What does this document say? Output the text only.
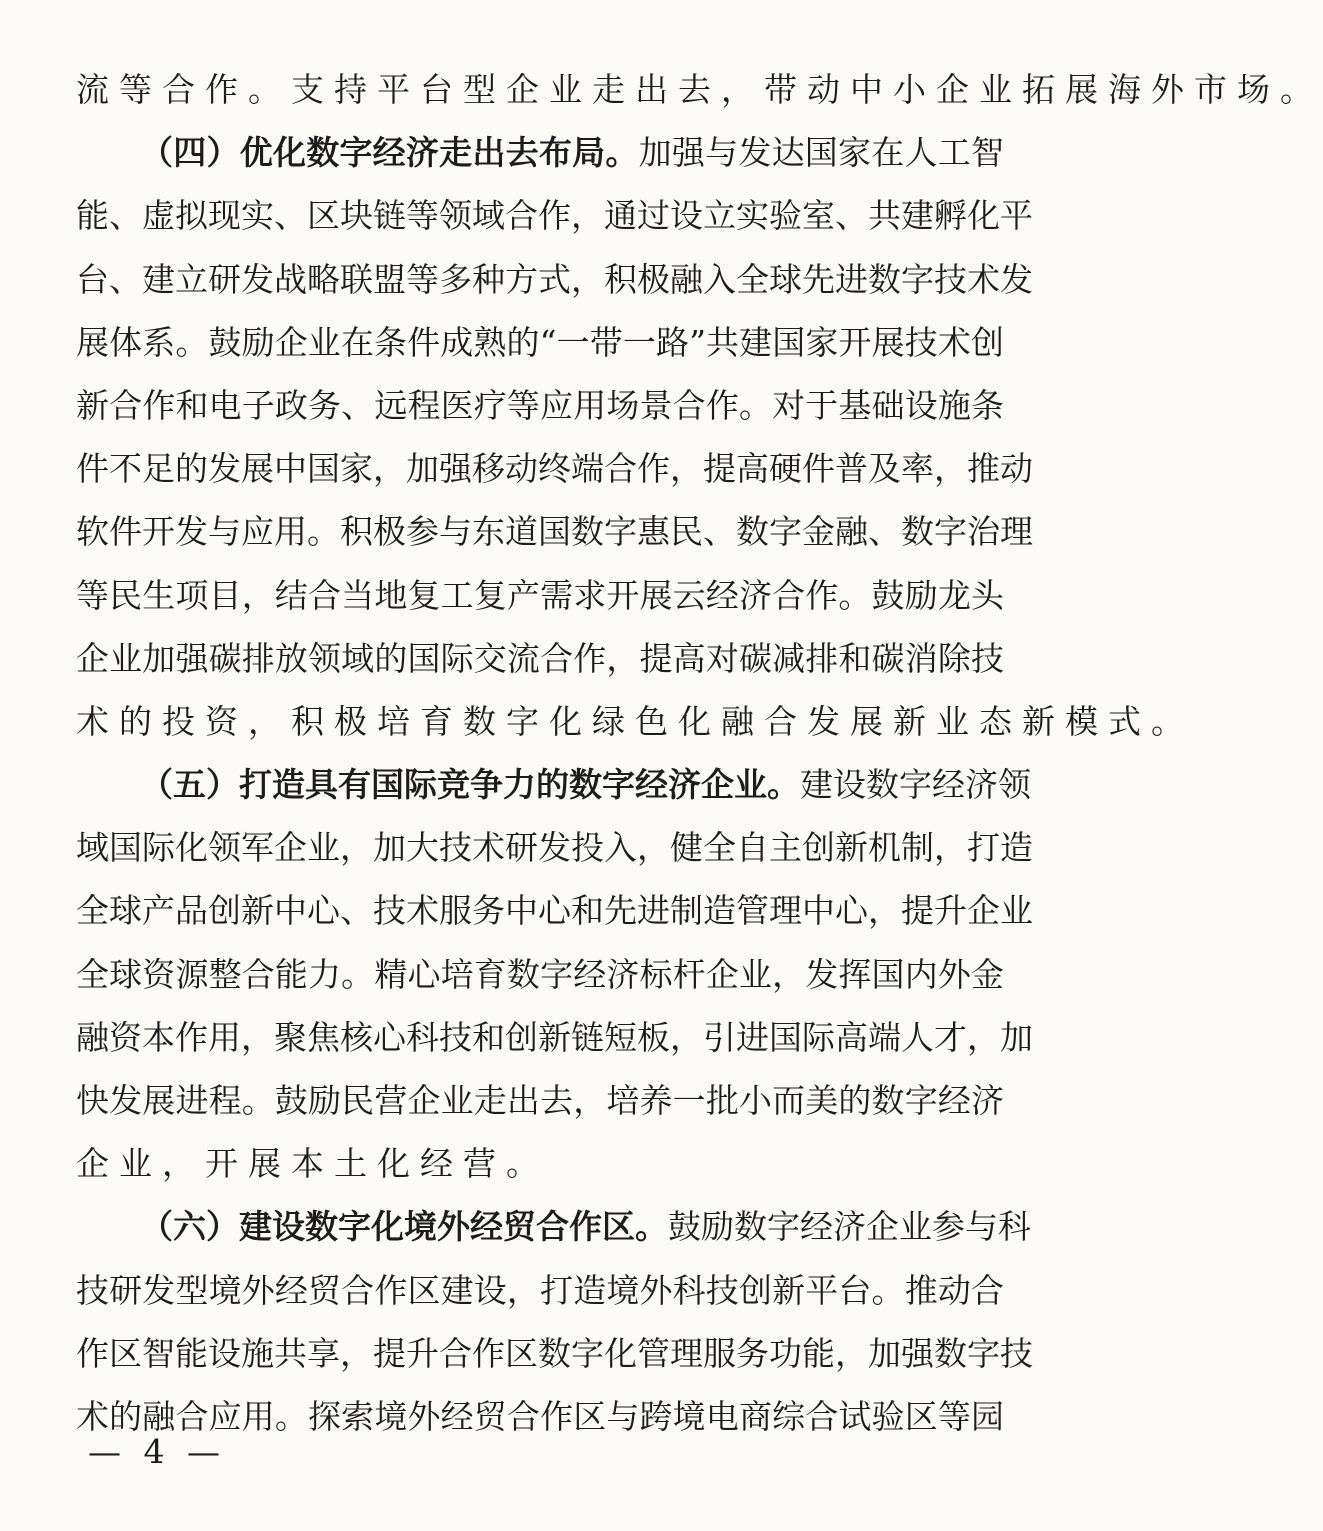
流等合作。支持平台型企业走出去，带动中小企业拓展海外市场。
（四）优化数字经济走出去布局。加强与发达国家在人工智
能、虚拟现实、区块链等领域合作，通过设立实验室、共建孵化平
台、建立研发战略联盟等多种方式，积极融入全球先进数字技术发
展体系。鼓励企业在条件成熟的“一带一路”共建国家开展技术创
新合作和电子政务、远程医疗等应用场景合作。对于基础设施条
件不足的发展中国家，加强移动终端合作，提高硬件普及率，推动
软件开发与应用。积极参与东道国数字惠民、数字金融、数字治理
等民生项目，结合当地复工复产需求开展云经济合作。鼓励龙头
企业加强碳排放领域的国际交流合作，提高对碳减排和碳消除技
术的投资，积极培育数字化绿色化融合发展新业态新模式。
（五）打造具有国际竞争力的数字经济企业。建设数字经济领
域国际化领军企业，加大技术研发投入，健全自主创新机制，打造
全球产品创新中心、技术服务中心和先进制造管理中心，提升企业
全球资源整合能力。精心培育数字经济标杆企业，发挥国内外金
融资本作用，聚焦核心科技和创新链短板，引进国际高端人才，加
快发展进程。鼓励民营企业走出去，培养一批小而美的数字经济
企业，开展本土化经营。
（六）建设数字化境外经贸合作区。鼓励数字经济企业参与科
技研发型境外经贸合作区建设，打造境外科技创新平台。推动合
作区智能设施共享，提升合作区数字化管理服务功能，加强数字技
术的融合应用。探索境外经贸合作区与跨境电商综合试验区等园
— 4 —
